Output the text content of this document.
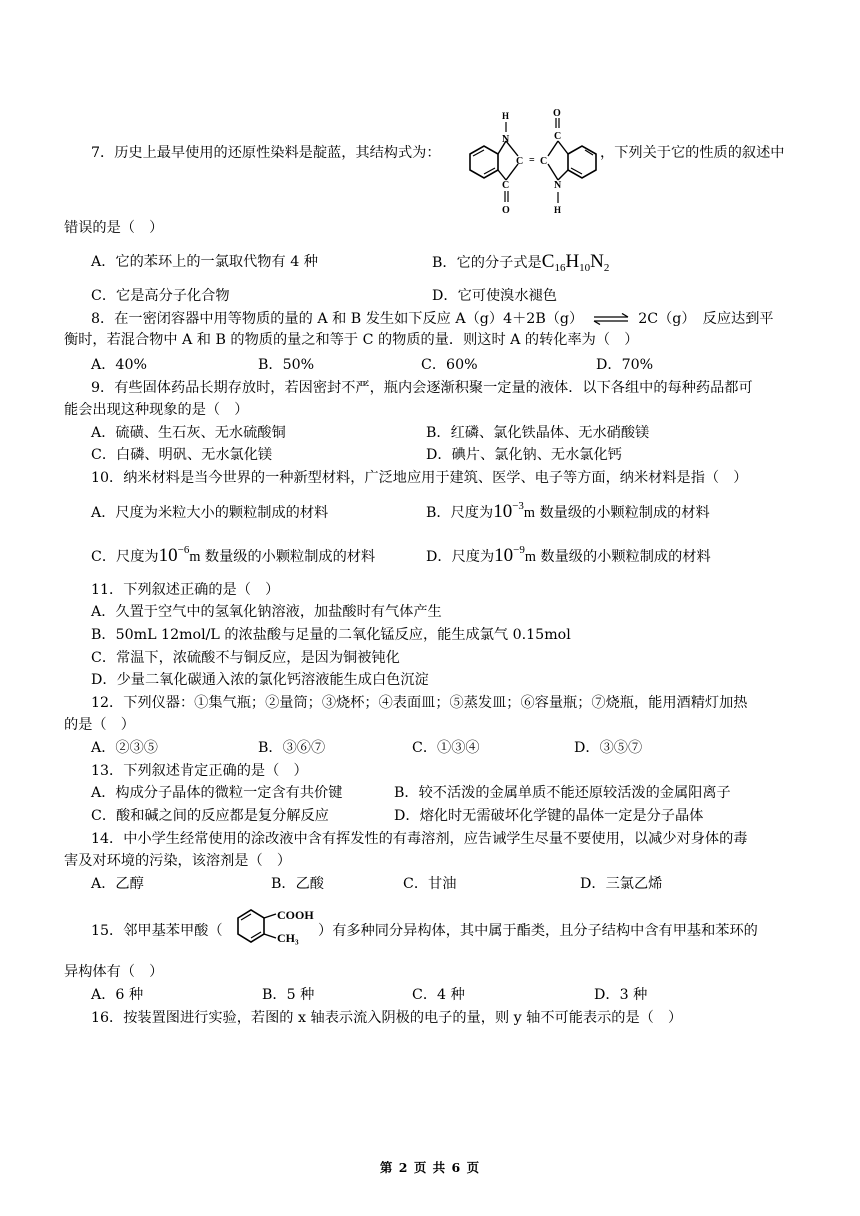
7．历史上最早使用的还原性染料是靛蓝，其结构式为：
N
H
C
O
C = C
C
O
N
H
，下列关于它的性质的叙述中
错误的是（　）
A．它的苯环上的一氯取代物有 4 种	B．它的分子式是$C_{16}H_{10}N_2$
C．它是高分子化合物	D．它可使溴水褪色
8．在一密闭容器中用等物质的量的 A 和 B 发生如下反应 A（g）4＋2B（g） ⇌ 2C（g）　反应达到平
衡时，若混合物中 A 和 B 的物质的量之和等于 C 的物质的量．则这时 A 的转化率为（　）
A．40%	B．50%	C．60%	D．70%
9．有些固体药品长期存放时，若因密封不严，瓶内会逐渐积聚一定量的液体．以下各组中的每种药品都可
能会出现这种现象的是（　）
A．硫磺、生石灰、无水硫酸铜	B．红磷、氯化铁晶体、无水硝酸镁
C．白磷、明矾、无水氯化镁	D．碘片、氯化钠、无水氯化钙
10．纳米材料是当今世界的一种新型材料，广泛地应用于建筑、医学、电子等方面，纳米材料是指（　）
A．尺度为米粒大小的颗粒制成的材料	B．尺度为$10^{-3}m$ 数量级的小颗粒制成的材料
C．尺度为$10^{-6}m$ 数量级的小颗粒制成的材料	D．尺度为$10^{-9}m$ 数量级的小颗粒制成的材料
11．下列叙述正确的是（　）
A．久置于空气中的氢氧化钠溶液，加盐酸时有气体产生
B．50mL 12mol/L 的浓盐酸与足量的二氧化锰反应，能生成氯气 0.15mol
C．常温下，浓硫酸不与铜反应，是因为铜被钝化
D．少量二氧化碳通入浓的氯化钙溶液能生成白色沉淀
12．下列仪器：①集气瓶；②量筒；③烧杯；④表面皿；⑤蒸发皿；⑥容量瓶；⑦烧瓶，能用酒精灯加热
的是（　）
A．②③⑤	B．③⑥⑦	C．①③④	D．③⑤⑦
13．下列叙述肯定正确的是（　）
A．构成分子晶体的微粒一定含有共价键	B．较不活泼的金属单质不能还原较活泼的金属阳离子
C．酸和碱之间的反应都是复分解反应	D．熔化时无需破坏化学键的晶体一定是分子晶体
14．中小学生经常使用的涂改液中含有挥发性的有毒溶剂，应告诫学生尽量不要使用，以减少对身体的毒
害及对环境的污染，该溶剂是（　）
A．乙醇	B．乙酸	C．甘油	D．三氯乙烯
15．邻甲基苯甲酸（
COOH
CH₃ ）有多种同分异构体，其中属于酯类，且分子结构中含有甲基和苯环的
异构体有（　）
A．6 种	B．5 种	C．4 种	D．3 种
16．按装置图进行实验，若图的 x 轴表示流入阴极的电子的量，则 y 轴不可能表示的是（　）
第 2 页 共 6 页
